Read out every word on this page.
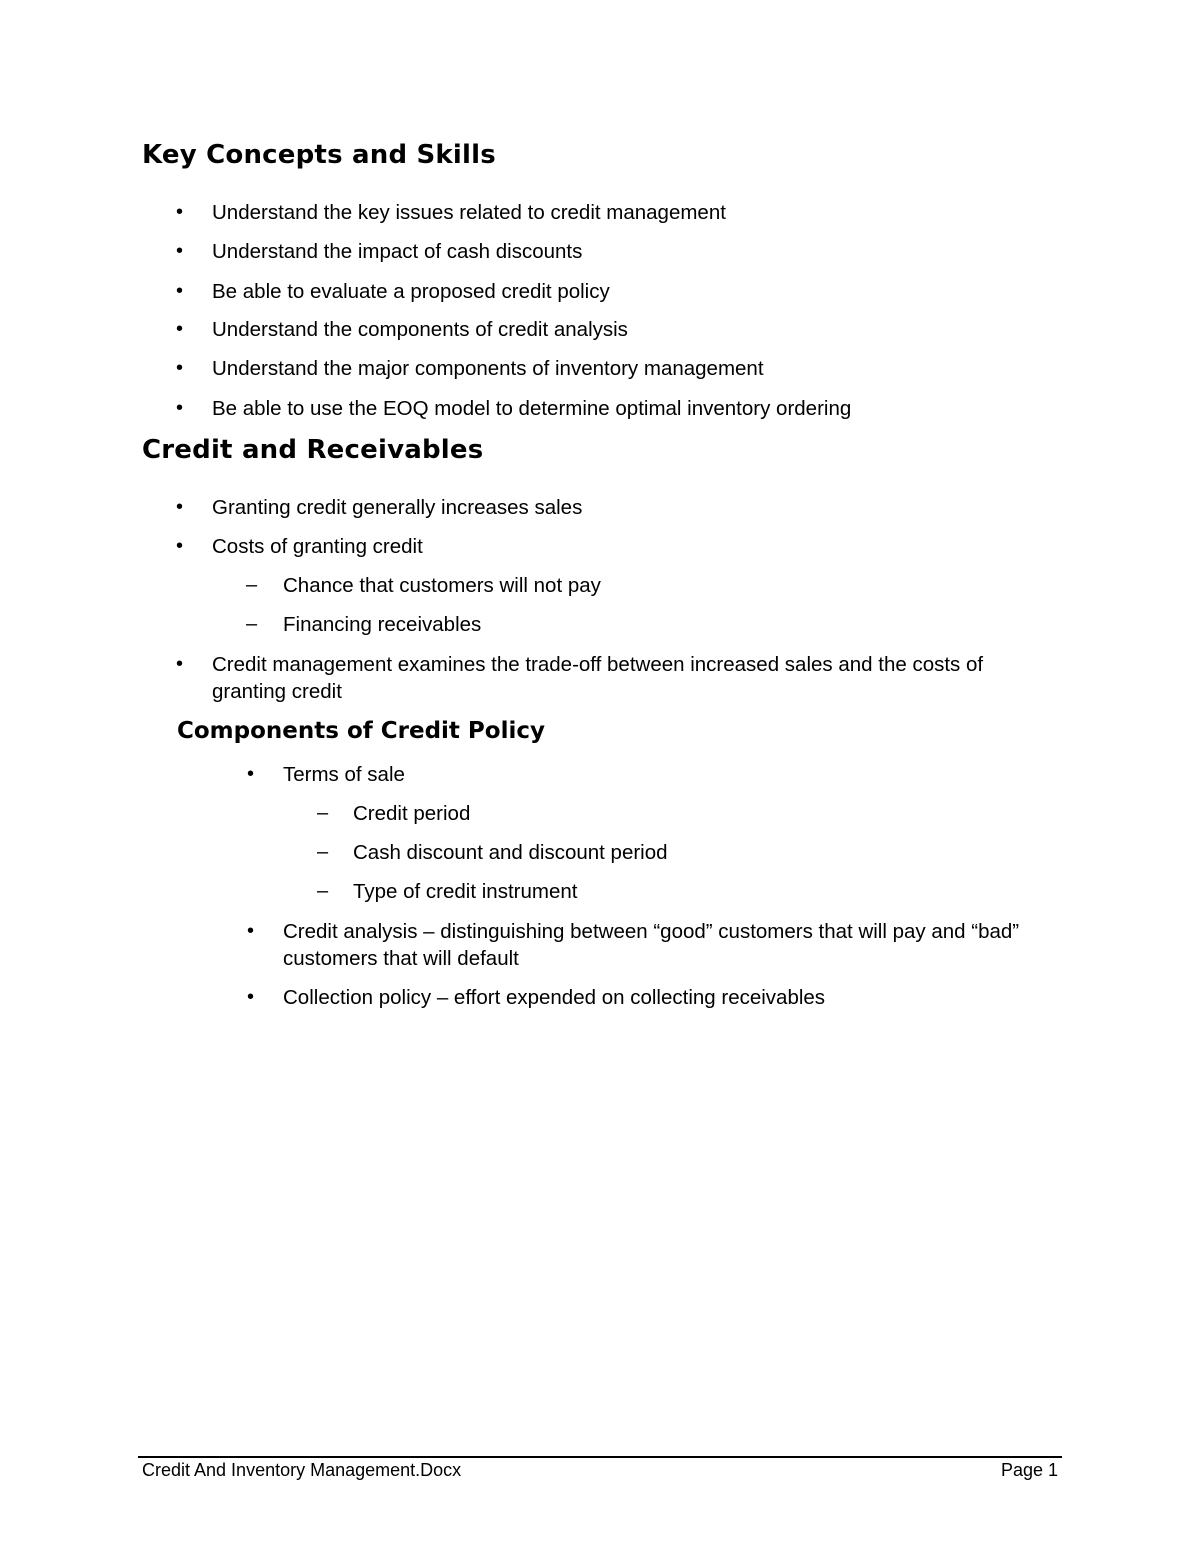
Key Concepts and Skills
• Understand the key issues related to credit management
• Understand the impact of cash discounts
• Be able to evaluate a proposed credit policy
• Understand the components of credit analysis
• Understand the major components of inventory management
• Be able to use the EOQ model to determine optimal inventory ordering
Credit and Receivables
• Granting credit generally increases sales
• Costs of granting credit
– Chance that customers will not pay
– Financing receivables
• Credit management examines the trade-off between increased sales and the costs of granting credit
Components of Credit Policy
• Terms of sale
– Credit period
– Cash discount and discount period
– Type of credit instrument
• Credit analysis – distinguishing between “good” customers that will pay and “bad” customers that will default
• Collection policy – effort expended on collecting receivables
Credit And Inventory Management.Docx	Page 1
